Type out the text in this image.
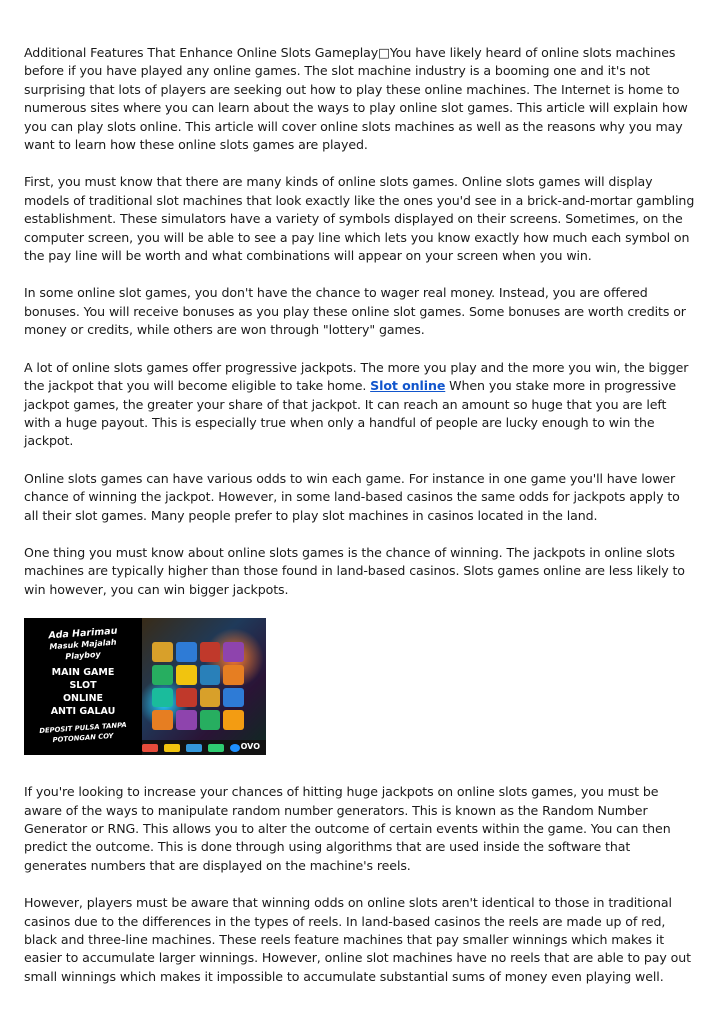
Additional Features That Enhance Online Slots Gameplay□You have likely heard of online slots machines before if you have played any online games. The slot machine industry is a booming one and it's not surprising that lots of players are seeking out how to play these online machines. The Internet is home to numerous sites where you can learn about the ways to play online slot games. This article will explain how you can play slots online. This article will cover online slots machines as well as the reasons why you may want to learn how these online slots games are played.

First, you must know that there are many kinds of online slots games. Online slots games will display models of traditional slot machines that look exactly like the ones you'd see in a brick-and-mortar gambling establishment. These simulators have a variety of symbols displayed on their screens. Sometimes, on the computer screen, you will be able to see a pay line which lets you know exactly how much each symbol on the pay line will be worth and what combinations will appear on your screen when you win.

In some online slot games, you don't have the chance to wager real money. Instead, you are offered bonuses. You will receive bonuses as you play these online slot games. Some bonuses are worth credits or money or credits, while others are won through "lottery" games.

A lot of online slots games offer progressive jackpots. The more you play and the more you win, the bigger the jackpot that you will become eligible to take home. Slot online When you stake more in progressive jackpot games, the greater your share of that jackpot. It can reach an amount so huge that you are left with a huge payout. This is especially true when only a handful of people are lucky enough to win the jackpot.

Online slots games can have various odds to win each game. For instance in one game you'll have lower chance of winning the jackpot. However, in some land-based casinos the same odds for jackpots apply to all their slot games. Many people prefer to play slot machines in casinos located in the land.

One thing you must know about online slots games is the chance of winning. The jackpots in online slots machines are typically higher than those found in land-based casinos. Slots games online are less likely to win however, you can win bigger jackpots.

OVO
Ada Harimau
Masuk Majalah
Playboy
MAIN GAME
SLOT
ONLINE
ANTI GALAU
DEPOSIT PULSA TANPA
POTONGAN COY

If you're looking to increase your chances of hitting huge jackpots on online slots games, you must be aware of the ways to manipulate random number generators. This is known as the Random Number Generator or RNG. This allows you to alter the outcome of certain events within the game. You can then predict the outcome. This is done through using algorithms that are used inside the software that generates numbers that are displayed on the machine's reels.

However, players must be aware that winning odds on online slots aren't identical to those in traditional casinos due to the differences in the types of reels. In land-based casinos the reels are made up of red, black and three-line machines. These reels feature machines that pay smaller winnings which makes it easier to accumulate larger winnings. However, online slot machines have no reels that are able to pay out small winnings which makes it impossible to accumulate substantial sums of money even playing well.
